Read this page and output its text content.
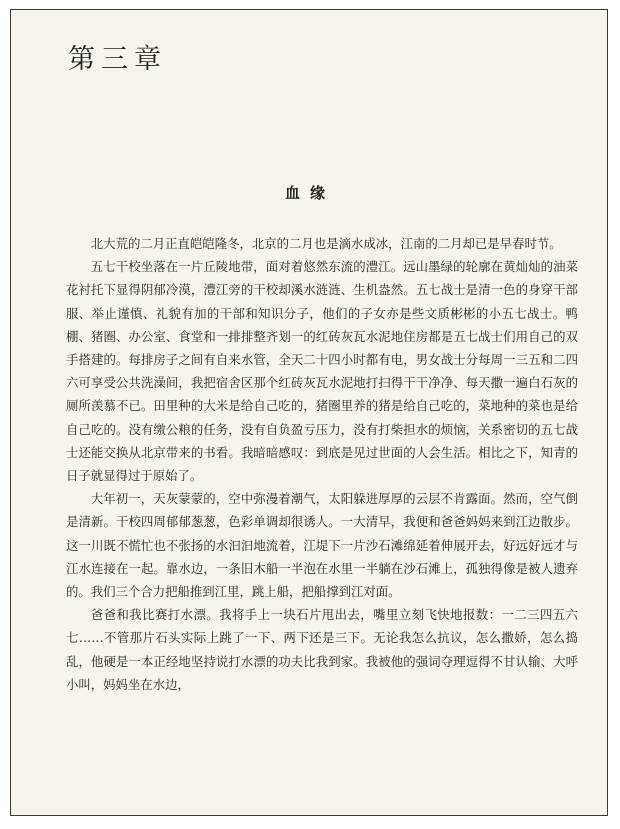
第三章
血缘

北大荒的二月正直皑皑隆冬，北京的二月也是滴水成冰，江南的二月却已是早春时节。

五七干校坐落在一片丘陵地带，面对着悠然东流的澧江。远山墨绿的轮廓在黄灿灿的油菜花衬托下显得阴郁冷漠，澧江旁的干校却溪水涟涟、生机盎然。五七战士是清一色的身穿干部服、举止谨慎、礼貌有加的干部和知识分子，他们的子女亦是些文质彬彬的小五七战士。鸭棚、猪圈、办公室、食堂和一排排整齐划一的红砖灰瓦水泥地住房都是五七战士们用自己的双手搭建的。每排房子之间有自来水管，全天二十四小时都有电，男女战士分每周一三五和二四六可享受公共洗澡间，我把宿舍区那个红砖灰瓦水泥地打扫得干干净净、每天撒一遍白石灰的厕所羡慕不已。田里种的大米是给自己吃的，猪圈里养的猪是给自己吃的，菜地种的菜也是给自己吃的。没有缴公粮的任务，没有自负盈亏压力，没有打柴担水的烦恼，关系密切的五七战士还能交换从北京带来的书看。我暗暗感叹：到底是见过世面的人会生活。相比之下，知青的日子就显得过于原始了。

大年初一，天灰蒙蒙的，空中弥漫着潮气，太阳躲进厚厚的云层不肯露面。然而，空气倒是清新。干校四周郁郁葱葱，色彩单调却很诱人。一大清早，我便和爸爸妈妈来到江边散步。这一川既不慌忙也不张扬的水汩汩地流着，江堤下一片沙石滩绵延着伸展开去，好远好远才与江水连接在一起。靠水边，一条旧木船一半泡在水里一半躺在沙石滩上，孤独得像是被人遗弃的。我们三个合力把船推到江里，跳上船，把船撑到江对面。

爸爸和我比赛打水漂。我将手上一块石片甩出去，嘴里立刻飞快地报数：一二三四五六七……不管那片石头实际上跳了一下、两下还是三下。无论我怎么抗议，怎么撒娇，怎么捣乱，他硬是一本正经地坚持说打水漂的功夫比我到家。我被他的强词夺理逗得不甘认输、大呼小叫，妈妈坐在水边，
